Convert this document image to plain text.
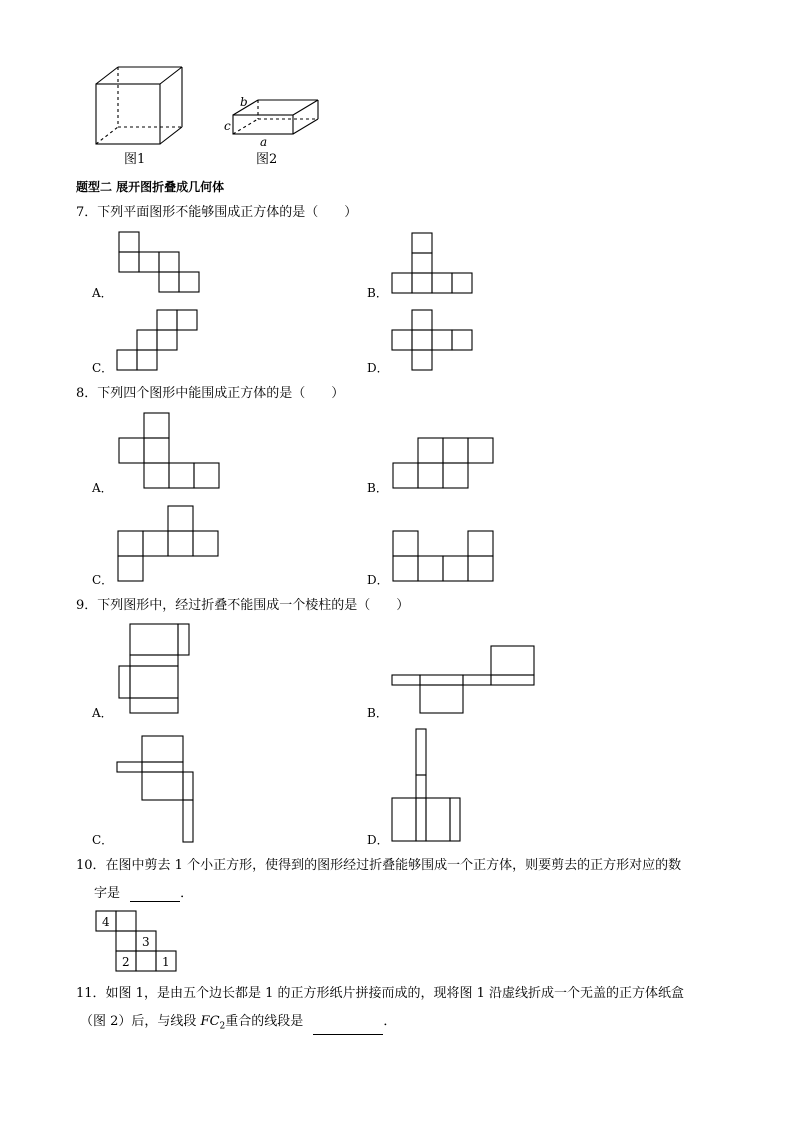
图1
b
c
a
图2
题型二 展开图折叠成几何体
7．下列平面图形不能够围成正方体的是（　　）
A．	B．
C．	D．
8．下列四个图形中能围成正方体的是（　　）
A．	B．
C．	D．
9．下列图形中，经过折叠不能围成一个棱柱的是（　　）
A．	B．
C．	D．
10．在图中剪去 1 个小正方形，使得到的图形经过折叠能够围成一个正方体，则要剪去的正方形对应的数
字是	．
4
3
2	1
11．如图 1，是由五个边长都是 1 的正方形纸片拼接而成的，现将图 1 沿虚线折成一个无盖的正方体纸盒
（图 2）后，与线段 $FC_2$重合的线段是	．
